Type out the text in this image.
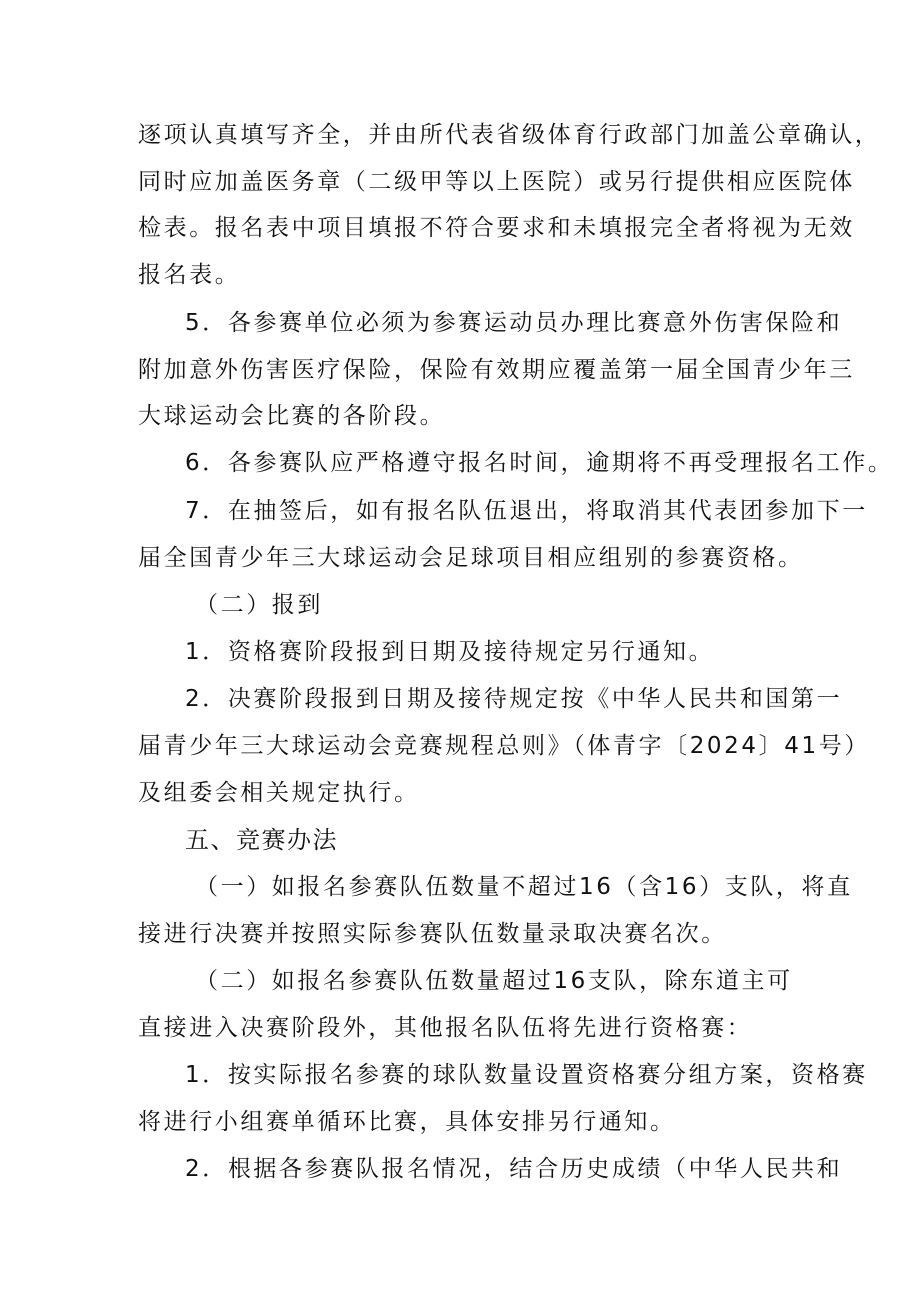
逐项认真填写齐全，并由所代表省级体育行政部门加盖公章确认，
同时应加盖医务章（二级甲等以上医院）或另行提供相应医院体
检表。报名表中项目填报不符合要求和未填报完全者将视为无效
报名表。
5．各参赛单位必须为参赛运动员办理比赛意外伤害保险和
附加意外伤害医疗保险，保险有效期应覆盖第一届全国青少年三
大球运动会比赛的各阶段。
6．各参赛队应严格遵守报名时间，逾期将不再受理报名工作。
7．在抽签后，如有报名队伍退出，将取消其代表团参加下一
届全国青少年三大球运动会足球项目相应组别的参赛资格。
（二）报到
1．资格赛阶段报到日期及接待规定另行通知。
2．决赛阶段报到日期及接待规定按《中华人民共和国第一
届青少年三大球运动会竞赛规程总则》（体青字〔2024〕41号）
及组委会相关规定执行。
五、竞赛办法
（一）如报名参赛队伍数量不超过16（含16）支队，将直
接进行决赛并按照实际参赛队伍数量录取决赛名次。
（二）如报名参赛队伍数量超过16支队，除东道主可
直接进入决赛阶段外，其他报名队伍将先进行资格赛：
1．按实际报名参赛的球队数量设置资格赛分组方案，资格赛
将进行小组赛单循环比赛，具体安排另行通知。
2．根据各参赛队报名情况，结合历史成绩（中华人民共和
